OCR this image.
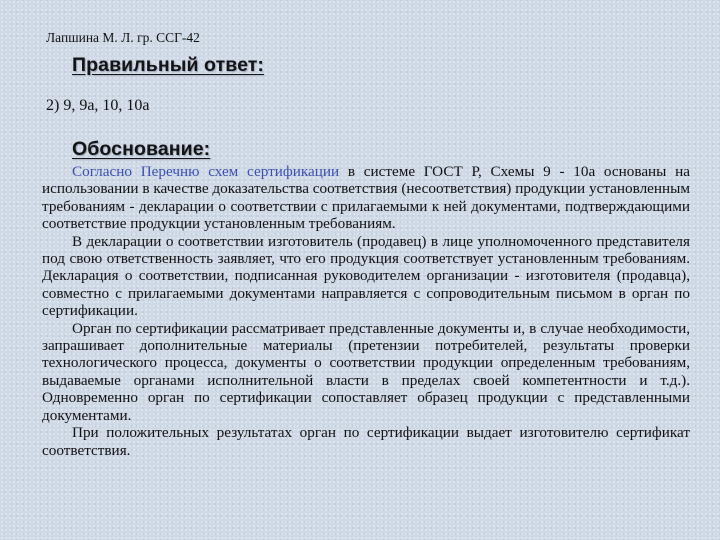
Лапшина М. Л. гр. ССГ-42
Правильный ответ:
2) 9, 9а, 10, 10а
Обоснование:

Согласно Перечню схем сертификации в системе ГОСТ Р, Схемы 9 - 10а основаны на использовании в качестве доказательства соответствия (несоответствия) продукции установленным требованиям - декларации о соответствии с прилагаемыми к ней документами, подтверждающими соответствие продукции установленным требованиям.

В декларации о соответствии изготовитель (продавец) в лице уполномоченного представителя под свою ответственность заявляет, что его продукция соответствует установленным требованиям. Декларация о соответствии, подписанная руководителем организации - изготовителя (продавца), совместно с прилагаемыми документами направляется с сопроводительным письмом в орган по сертификации.

Орган по сертификации рассматривает представленные документы и, в случае необходимости, запрашивает дополнительные материалы (претензии потребителей, результаты проверки технологического процесса, документы о соответствии продукции определенным требованиям, выдаваемые органами исполнительной власти в пределах своей компетентности и т.д.). Одновременно орган по сертификации сопоставляет образец продукции с представленными документами.

При положительных результатах орган по сертификации выдает изготовителю сертификат соответствия.
